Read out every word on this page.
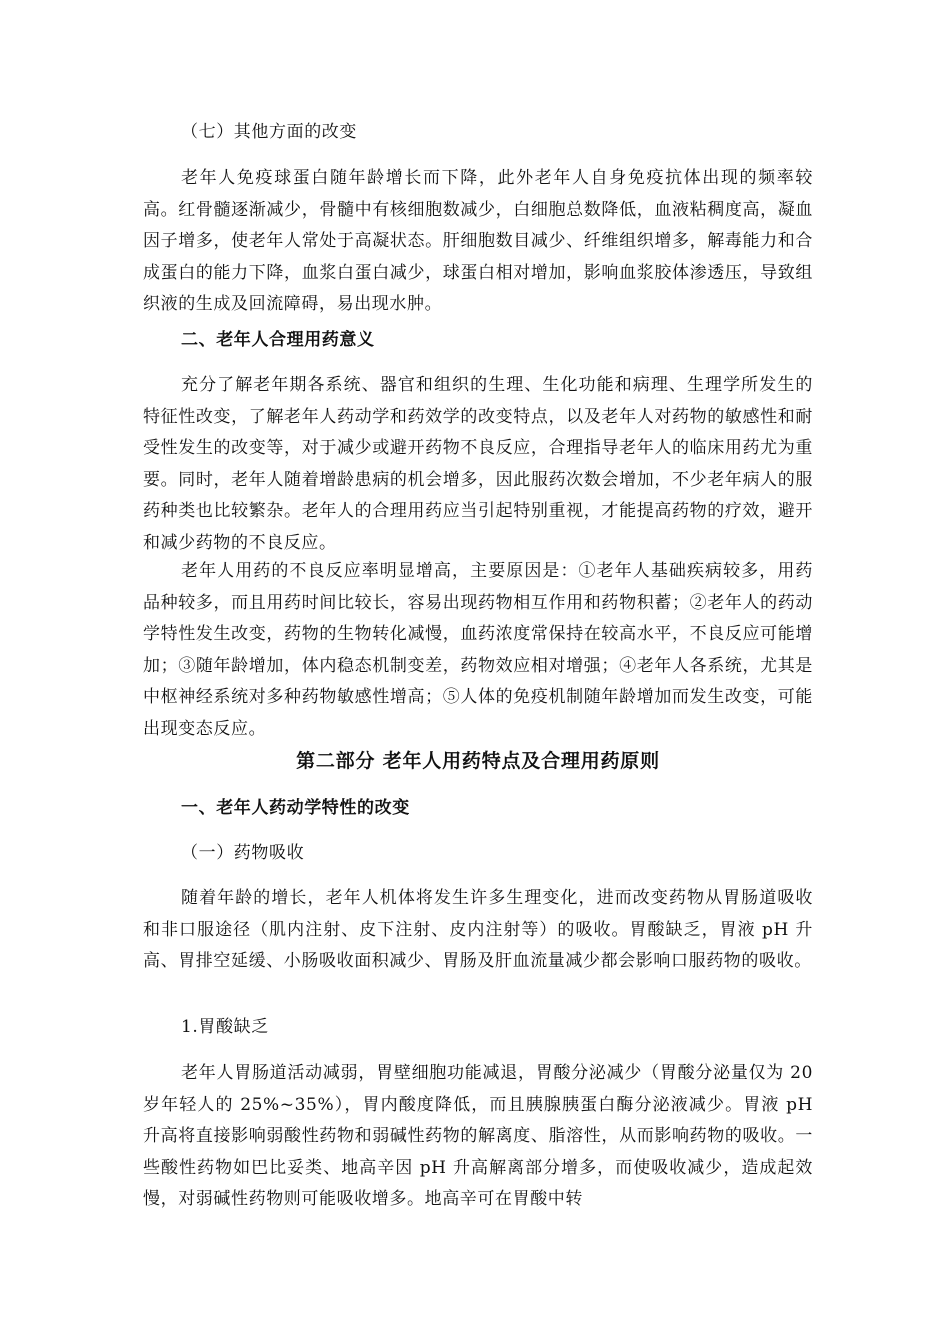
（七）其他方面的改变

老年人免疫球蛋白随年龄增长而下降，此外老年人自身免疫抗体出现的频率较高。红骨髓逐渐减少，骨髓中有核细胞数减少，白细胞总数降低，血液粘稠度高，凝血因子增多，使老年人常处于高凝状态。肝细胞数目减少、纤维组织增多，解毒能力和合成蛋白的能力下降，血浆白蛋白减少，球蛋白相对增加，影响血浆胶体渗透压，导致组织液的生成及回流障碍，易出现水肿。

二、老年人合理用药意义

充分了解老年期各系统、器官和组织的生理、生化功能和病理、生理学所发生的特征性改变，了解老年人药动学和药效学的改变特点，以及老年人对药物的敏感性和耐受性发生的改变等，对于减少或避开药物不良反应，合理指导老年人的临床用药尤为重要。同时，老年人随着增龄患病的机会增多，因此服药次数会增加，不少老年病人的服药种类也比较繁杂。老年人的合理用药应当引起特别重视，才能提高药物的疗效，避开和减少药物的不良反应。

老年人用药的不良反应率明显增高，主要原因是：①老年人基础疾病较多，用药品种较多，而且用药时间比较长，容易出现药物相互作用和药物积蓄；②老年人的药动学特性发生改变，药物的生物转化减慢，血药浓度常保持在较高水平，不良反应可能增加；③随年龄增加，体内稳态机制变差，药物效应相对增强；④老年人各系统，尤其是中枢神经系统对多种药物敏感性增高；⑤人体的免疫机制随年龄增加而发生改变，可能出现变态反应。

第二部分 老年人用药特点及合理用药原则
一、老年人药动学特性的改变
（一）药物吸收

随着年龄的增长，老年人机体将发生许多生理变化，进而改变药物从胃肠道吸收和非口服途径（肌内注射、皮下注射、皮内注射等）的吸收。胃酸缺乏，胃液 pH 升高、胃排空延缓、小肠吸收面积减少、胃肠及肝血流量减少都会影响口服药物的吸收。

1.胃酸缺乏

老年人胃肠道活动减弱，胃壁细胞功能减退，胃酸分泌减少（胃酸分泌量仅为 20 岁年轻人的 25%~35%），胃内酸度降低，而且胰腺胰蛋白酶分泌液减少。胃液 pH 升高将直接影响弱酸性药物和弱碱性药物的解离度、脂溶性，从而影响药物的吸收。一些酸性药物如巴比妥类、地高辛因 pH 升高解离部分增多，而使吸收减少，造成起效慢，对弱碱性药物则可能吸收增多。地高辛可在胃酸中转
